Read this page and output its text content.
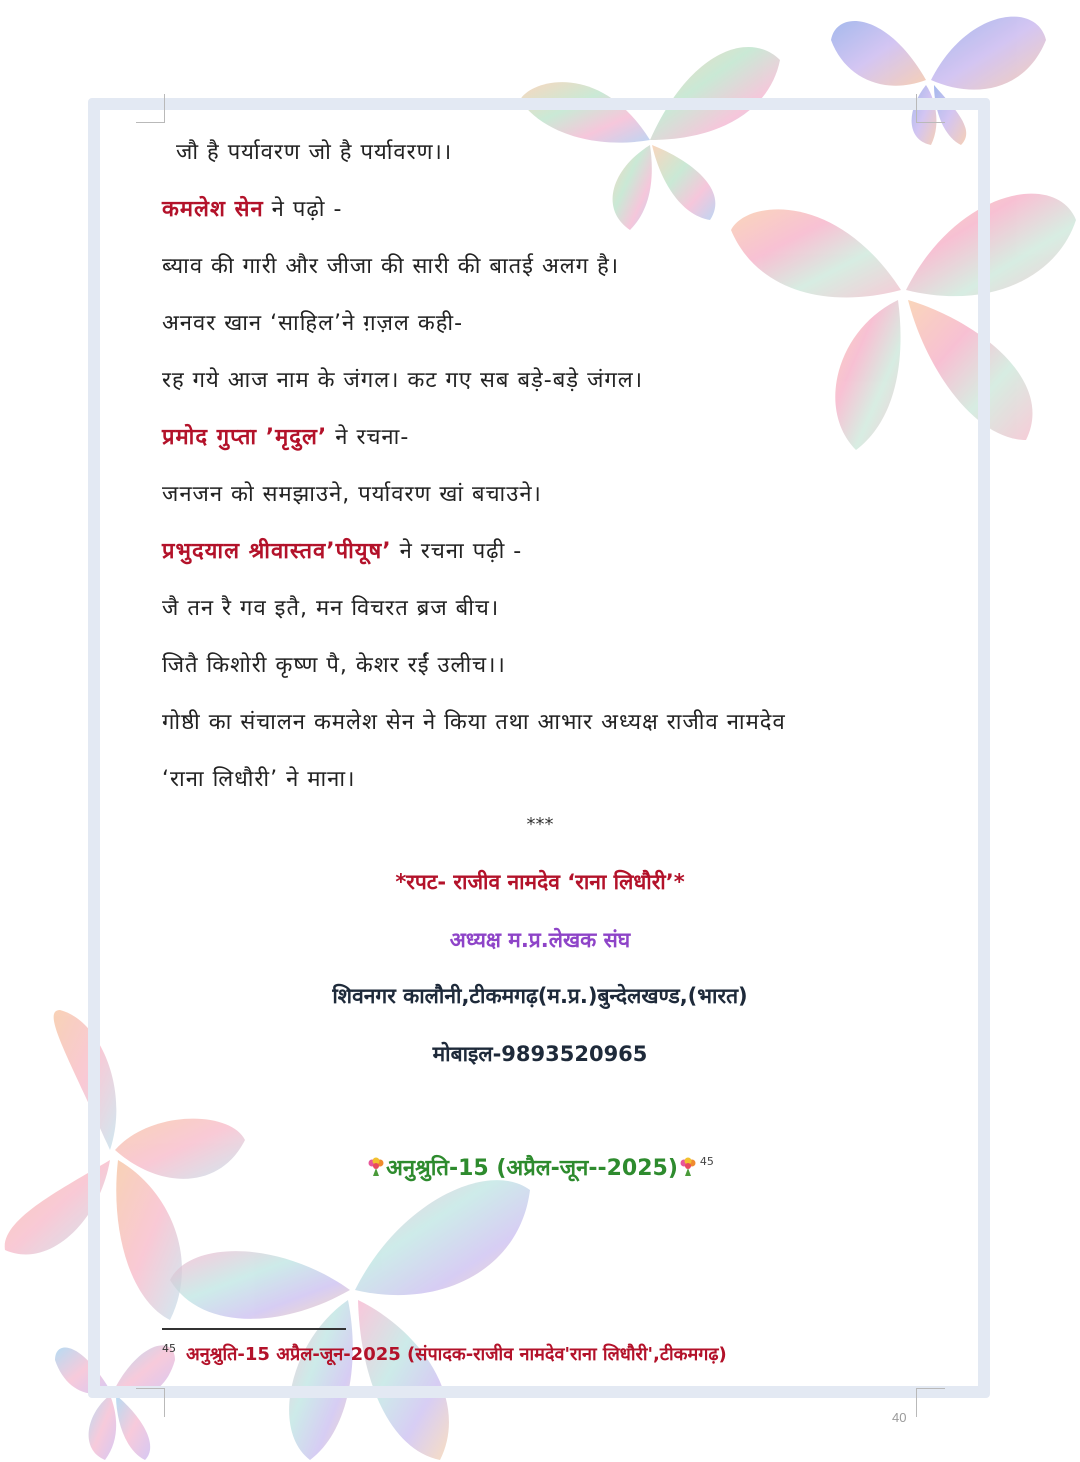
जौ है पर्यावरण जो है पर्यावरण।।
कमलेश सेन ने पढ़ो -
ब्याव की गारी और जीजा की सारी की बातई अलग है।
अनवर खान ‘साहिल’ने ग़ज़ल कही-
रह गये आज नाम के जंगल। कट गए सब बड़े-बड़े जंगल।
प्रमोद गुप्ता ’मृदुल’ ने रचना-
जनजन को समझाउने, पर्यावरण खां बचाउने।
प्रभुदयाल श्रीवास्तव’पीयूष’ ने रचना पढ़ी -
जै तन रै गव इतै, मन विचरत ब्रज बीच।
जितै किशोरी कृष्ण पै, केशर रईं उलीच।।
गोष्ठी का संचालन कमलेश सेन ने किया तथा आभार अध्यक्ष राजीव नामदेव
‘राना लिधौरी’ ने माना।
***
*रपट- राजीव नामदेव ‘राना लिधौरी’*
अध्यक्ष म.प्र.लेखक संघ
शिवनगर कालौनी,टीकमगढ़(म.प्र.)बुन्देलखण्ड,(भारत)
मोबाइल-9893520965
अनुश्रुति-15 (अप्रैल-जून--2025) $^{45}$
$^{45}$ अनुश्रुति-15 अप्रैल-जून-2025 (संपादक-राजीव नामदेव'राना लिधौरी',टीकमगढ़)
40
